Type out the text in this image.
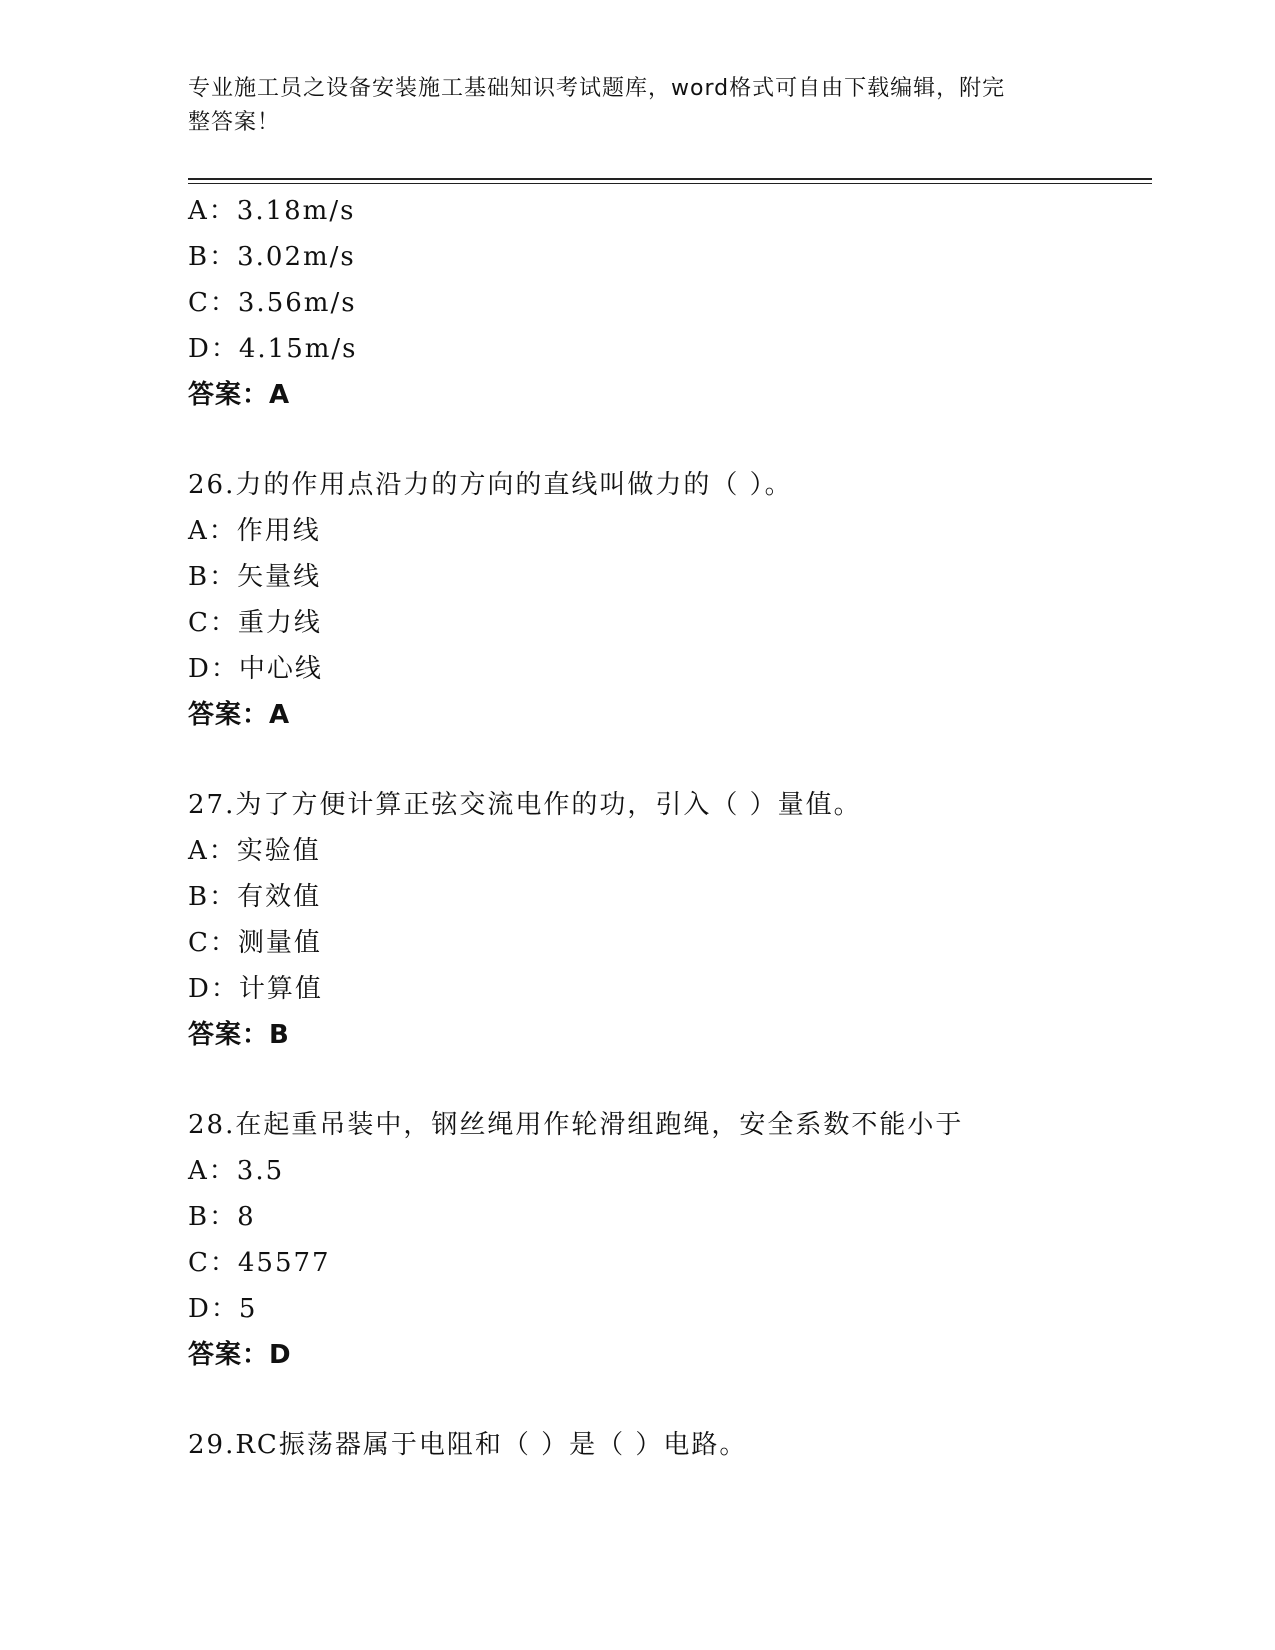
专业施工员之设备安装施工基础知识考试题库，word格式可自由下载编辑，附完
整答案！
A：3.18m/s
B：3.02m/s
C：3.56m/s
D：4.15m/s
答案：A
26.力的作用点沿力的方向的直线叫做力的（ ）。
A：作用线
B：矢量线
C：重力线
D：中心线
答案：A
27.为了方便计算正弦交流电作的功，引入（ ）量值。
A：实验值
B：有效值
C：测量值
D：计算值
答案：B
28.在起重吊装中，钢丝绳用作轮滑组跑绳，安全系数不能小于
A：3.5
B：8
C：45577
D：5
答案：D
29.RC振荡器属于电阻和（ ）是（ ）电路。
